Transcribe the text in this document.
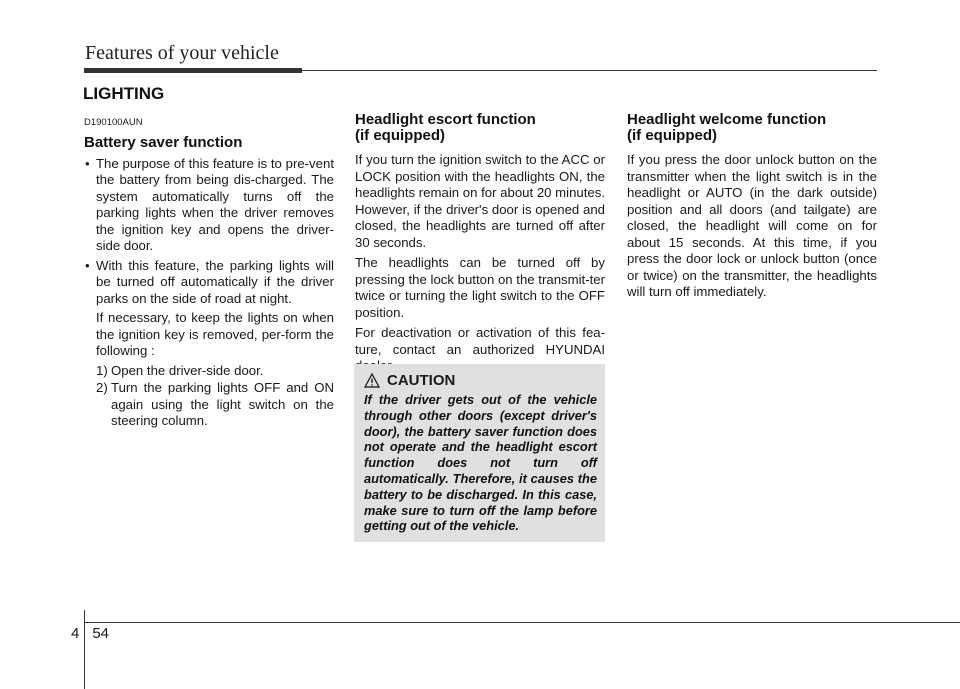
Features of your vehicle
LIGHTING
D190100AUN
Battery saver function
• The purpose of this feature is to pre-vent the battery from being dis-charged. The system automatically turns off the parking lights when the driver removes the ignition key and opens the driver- side door.
• With this feature, the parking lights will be turned off automatically if the driver parks on the side of road at night.

If necessary, to keep the lights on when the ignition key is removed, per-form the following :

1) Open the driver-side door.
2) Turn the parking lights OFF and ON again using the light switch on the steering column.
Headlight escort function
(if equipped)

If you turn the ignition switch to the ACC or LOCK position with the headlights ON, the headlights remain on for about 20 minutes. However, if the driver's door is opened and closed, the headlights are turned off after 30 seconds.

The headlights can be turned off by pressing the lock button on the transmit-ter twice or turning the light switch to the OFF position.

For deactivation or activation of this fea-ture, contact an authorized HYUNDAI

CAUTION
If the driver gets out of the vehicle through other doors (except driver's door), the battery saver function does not operate and the headlight escort function does not turn off automatically. Therefore, it causes the battery to be discharged. In this case, make sure to turn off the lamp before getting out of the vehicle.
Headlight welcome function
(if equipped)

If you press the door unlock button on the transmitter when the light switch is in the headlight or AUTO (in the dark outside) position and all doors (and tailgate) are closed, the headlight will come on for about 15 seconds. At this time, if you press the door lock or unlock button (once or twice) on the transmitter, the headlights will turn off immediately.

4 54
